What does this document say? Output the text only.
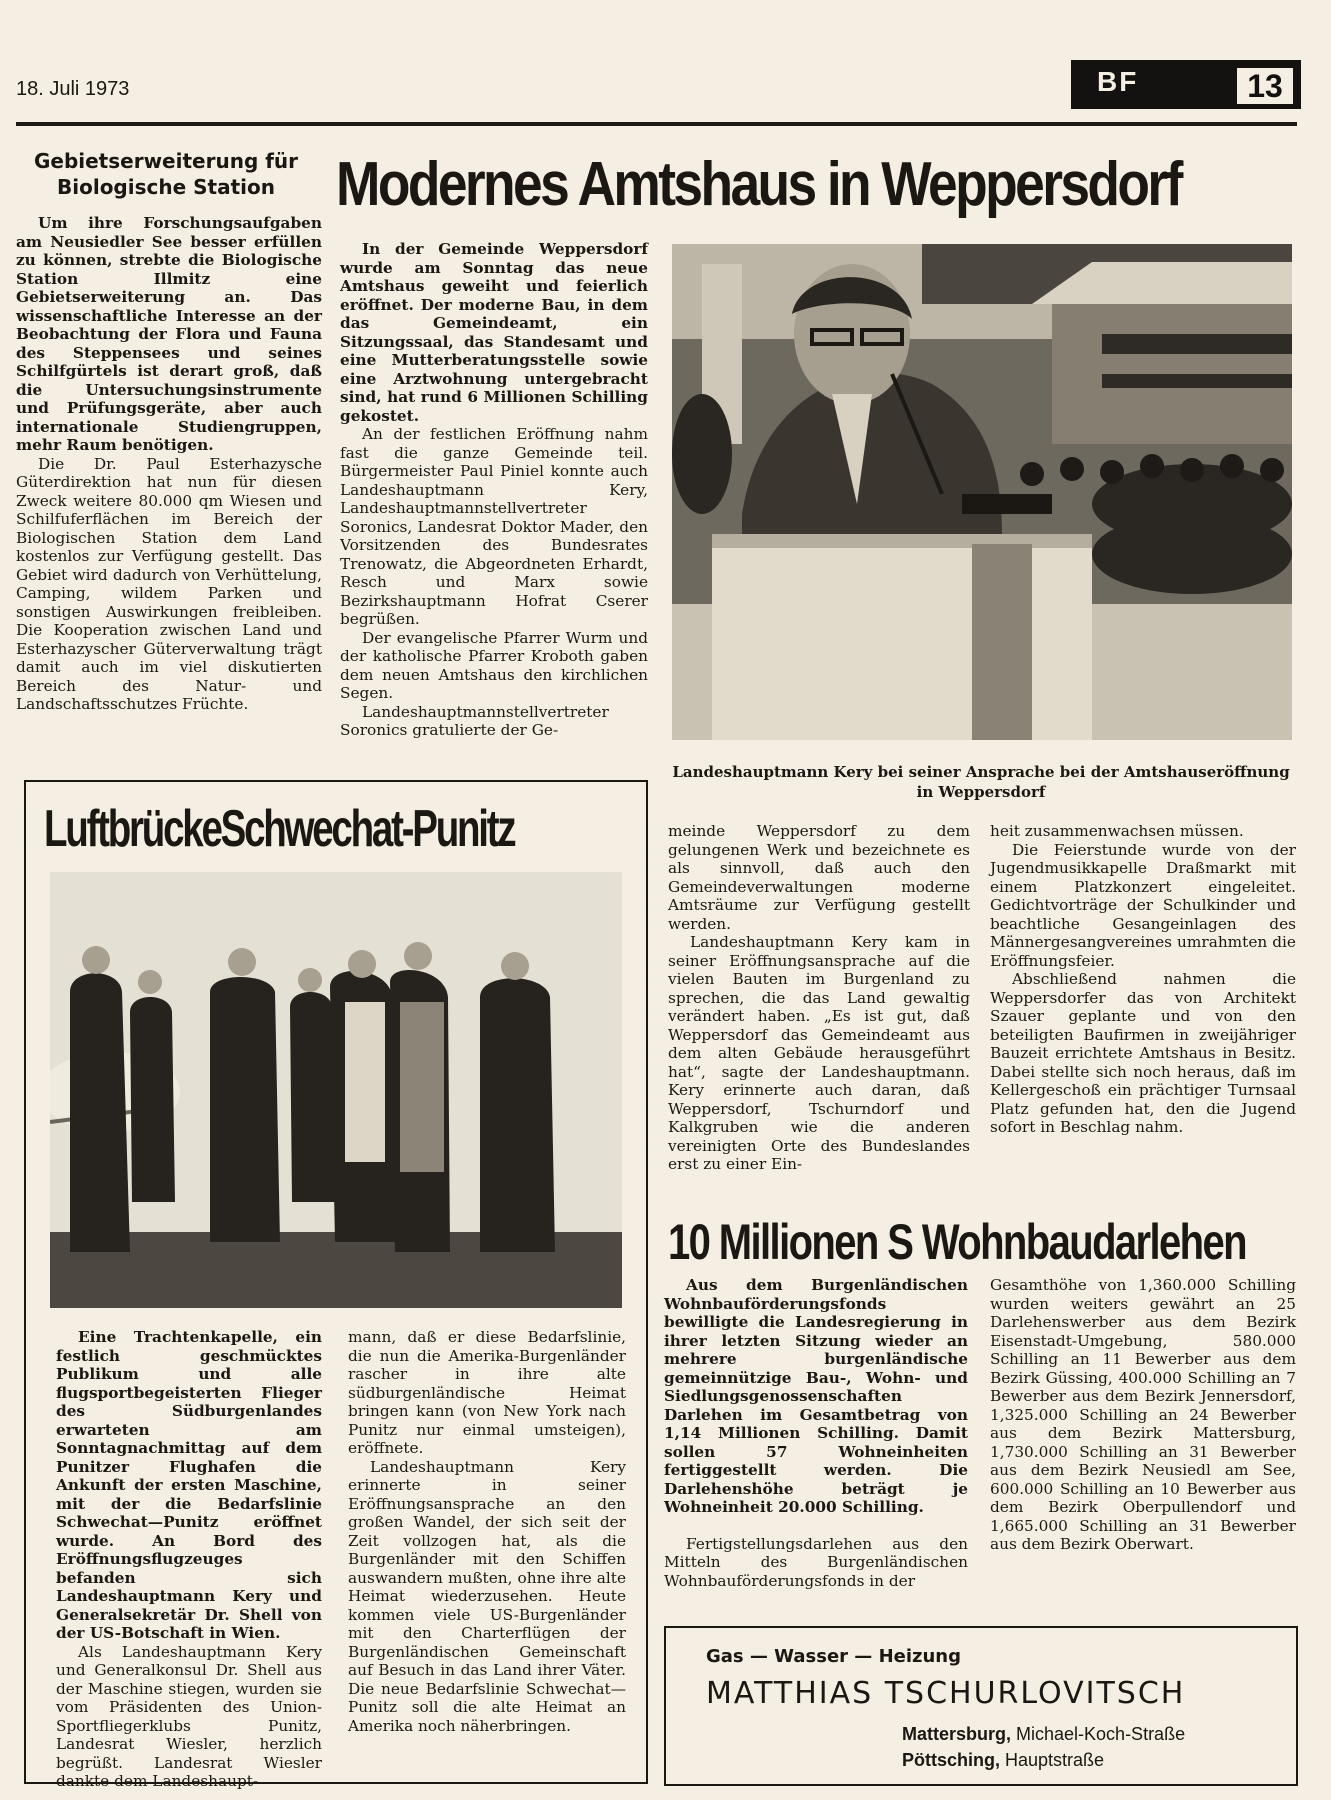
18. Juli 1973	BF	13
Gebietserweiterung für
Biologische Station

Um ihre Forschungsaufgaben am Neusiedler See besser erfüllen zu können, strebte die Biologische Station Illmitz eine Gebietserweiterung an. Das wissenschaftliche Interesse an der Beobachtung der Flora und Fauna des Steppensees und seines Schilfgürtels ist derart groß, daß die Untersuchungsinstrumente und Prüfungsgeräte, aber auch internationale Studiengruppen, mehr Raum benötigen.

Die Dr. Paul Esterhazysche Güterdirektion hat nun für diesen Zweck weitere 80.000 qm Wiesen und Schilfuferflächen im Bereich der Biologischen Station dem Land kostenlos zur Verfügung gestellt. Das Gebiet wird dadurch von Verhüttelung, Camping, wildem Parken und sonstigen Auswirkungen freibleiben. Die Kooperation zwischen Land und Esterhazyscher Güterverwaltung trägt damit auch im viel diskutierten Bereich des Natur- und Landschaftsschutzes Früchte.

Modernes Amtshaus in Weppersdorf

In der Gemeinde Weppersdorf wurde am Sonntag das neue Amtshaus geweiht und feierlich eröffnet. Der moderne Bau, in dem das Gemeindeamt, ein Sitzungssaal, das Standesamt und eine Mutterberatungsstelle sowie eine Arztwohnung untergebracht sind, hat rund 6 Millionen Schilling gekostet.

An der festlichen Eröffnung nahm fast die ganze Gemeinde teil. Bürgermeister Paul Piniel konnte auch Landeshauptmann Kery, Landeshauptmannstellvertreter Soronics, Landesrat Doktor Mader, den Vorsitzenden des Bundesrates Trenowatz, die Abgeordneten Erhardt, Resch und Marx sowie Bezirkshauptmann Hofrat Cserer begrüßen.

Der evangelische Pfarrer Wurm und der katholische Pfarrer Kroboth gaben dem neuen Amtshaus den kirchlichen Segen.

Landeshauptmannstellvertreter Soronics gratulierte der Ge-

Landeshauptmann Kery bei seiner Ansprache bei der Amtshauseröffnung in Weppersdorf

meinde Weppersdorf zu dem gelungenen Werk und bezeichnete es als sinnvoll, daß auch den Gemeindeverwaltungen moderne Amtsräume zur Verfügung gestellt werden.

Landeshauptmann Kery kam in seiner Eröffnungsansprache auf die vielen Bauten im Burgenland zu sprechen, die das Land gewaltig verändert haben. „Es ist gut, daß Weppersdorf das Gemeindeamt aus dem alten Gebäude herausgeführt hat“, sagte der Landeshauptmann. Kery erinnerte auch daran, daß Weppersdorf, Tschurndorf und Kalkgruben wie die anderen vereinigten Orte des Bundeslandes erst zu einer Ein-

heit zusammenwachsen müssen.

Die Feierstunde wurde von der Jugendmusikkapelle Draßmarkt mit einem Platzkonzert eingeleitet. Gedichtvorträge der Schulkinder und beachtliche Gesangeinlagen des Männergesangvereines umrahmten die Eröffnungsfeier.

Abschließend nahmen die Weppersdorfer das von Architekt Szauer geplante und von den beteiligten Baufirmen in zweijähriger Bauzeit errichtete Amtshaus in Besitz. Dabei stellte sich noch heraus, daß im Kellergeschoß ein prächtiger Turnsaal Platz gefunden hat, den die Jugend sofort in Beschlag nahm.

LuftbrückeSchwechat-Punitz

Eine Trachtenkapelle, ein festlich geschmücktes Publikum und alle flugsportbegeisterten Flieger des Südburgenlandes erwarteten am Sonntagnachmittag auf dem Punitzer Flughafen die Ankunft der ersten Maschine, mit der die Bedarfslinie Schwechat—Punitz eröffnet wurde. An Bord des Eröffnungsflugzeuges befanden sich Landeshauptmann Kery und Generalsekretär Dr. Shell von der US-Botschaft in Wien.

Als Landeshauptmann Kery und Generalkonsul Dr. Shell aus der Maschine stiegen, wurden sie vom Präsidenten des Union-Sportfliegerklubs Punitz, Landesrat Wiesler, herzlich begrüßt. Landesrat Wiesler dankte dem Landeshaupt-

mann, daß er diese Bedarfslinie, die nun die Amerika-Burgenländer rascher in ihre alte südburgenländische Heimat bringen kann (von New York nach Punitz nur einmal umsteigen), eröffnete.

Landeshauptmann Kery erinnerte in seiner Eröffnungsansprache an den großen Wandel, der sich seit der Zeit vollzogen hat, als die Burgenländer mit den Schiffen auswandern mußten, ohne ihre alte Heimat wiederzusehen. Heute kommen viele US-Burgenländer mit den Charterflügen der Burgenländischen Gemeinschaft auf Besuch in das Land ihrer Väter. Die neue Bedarfslinie Schwechat—Punitz soll die alte Heimat an Amerika noch näherbringen.

10 Millionen S Wohnbaudarlehen

Aus dem Burgenländischen Wohnbauförderungsfonds bewilligte die Landesregierung in ihrer letzten Sitzung wieder an mehrere burgenländische gemeinnützige Bau-, Wohn- und Siedlungsgenossenschaften Darlehen im Gesamtbetrag von 1,14 Millionen Schilling. Damit sollen 57 Wohneinheiten fertiggestellt werden. Die Darlehenshöhe beträgt je Wohneinheit 20.000 Schilling.

Fertigstellungsdarlehen aus den Mitteln des Burgenländischen Wohnbauförderungsfonds in der

Gesamthöhe von 1,360.000 Schilling wurden weiters gewährt an 25 Darlehenswerber aus dem Bezirk Eisenstadt-Umgebung, 580.000 Schilling an 11 Bewerber aus dem Bezirk Güssing, 400.000 Schilling an 7 Bewerber aus dem Bezirk Jennersdorf, 1,325.000 Schilling an 24 Bewerber aus dem Bezirk Mattersburg, 1,730.000 Schilling an 31 Bewerber aus dem Bezirk Neusiedl am See, 600.000 Schilling an 10 Bewerber aus dem Bezirk Oberpullendorf und 1,665.000 Schilling an 31 Bewerber aus dem Bezirk Oberwart.

Gas — Wasser — Heizung
MATTHIAS TSCHURLOVITSCH
Mattersburg, Michael-Koch-Straße
Pöttsching, Hauptstraße
